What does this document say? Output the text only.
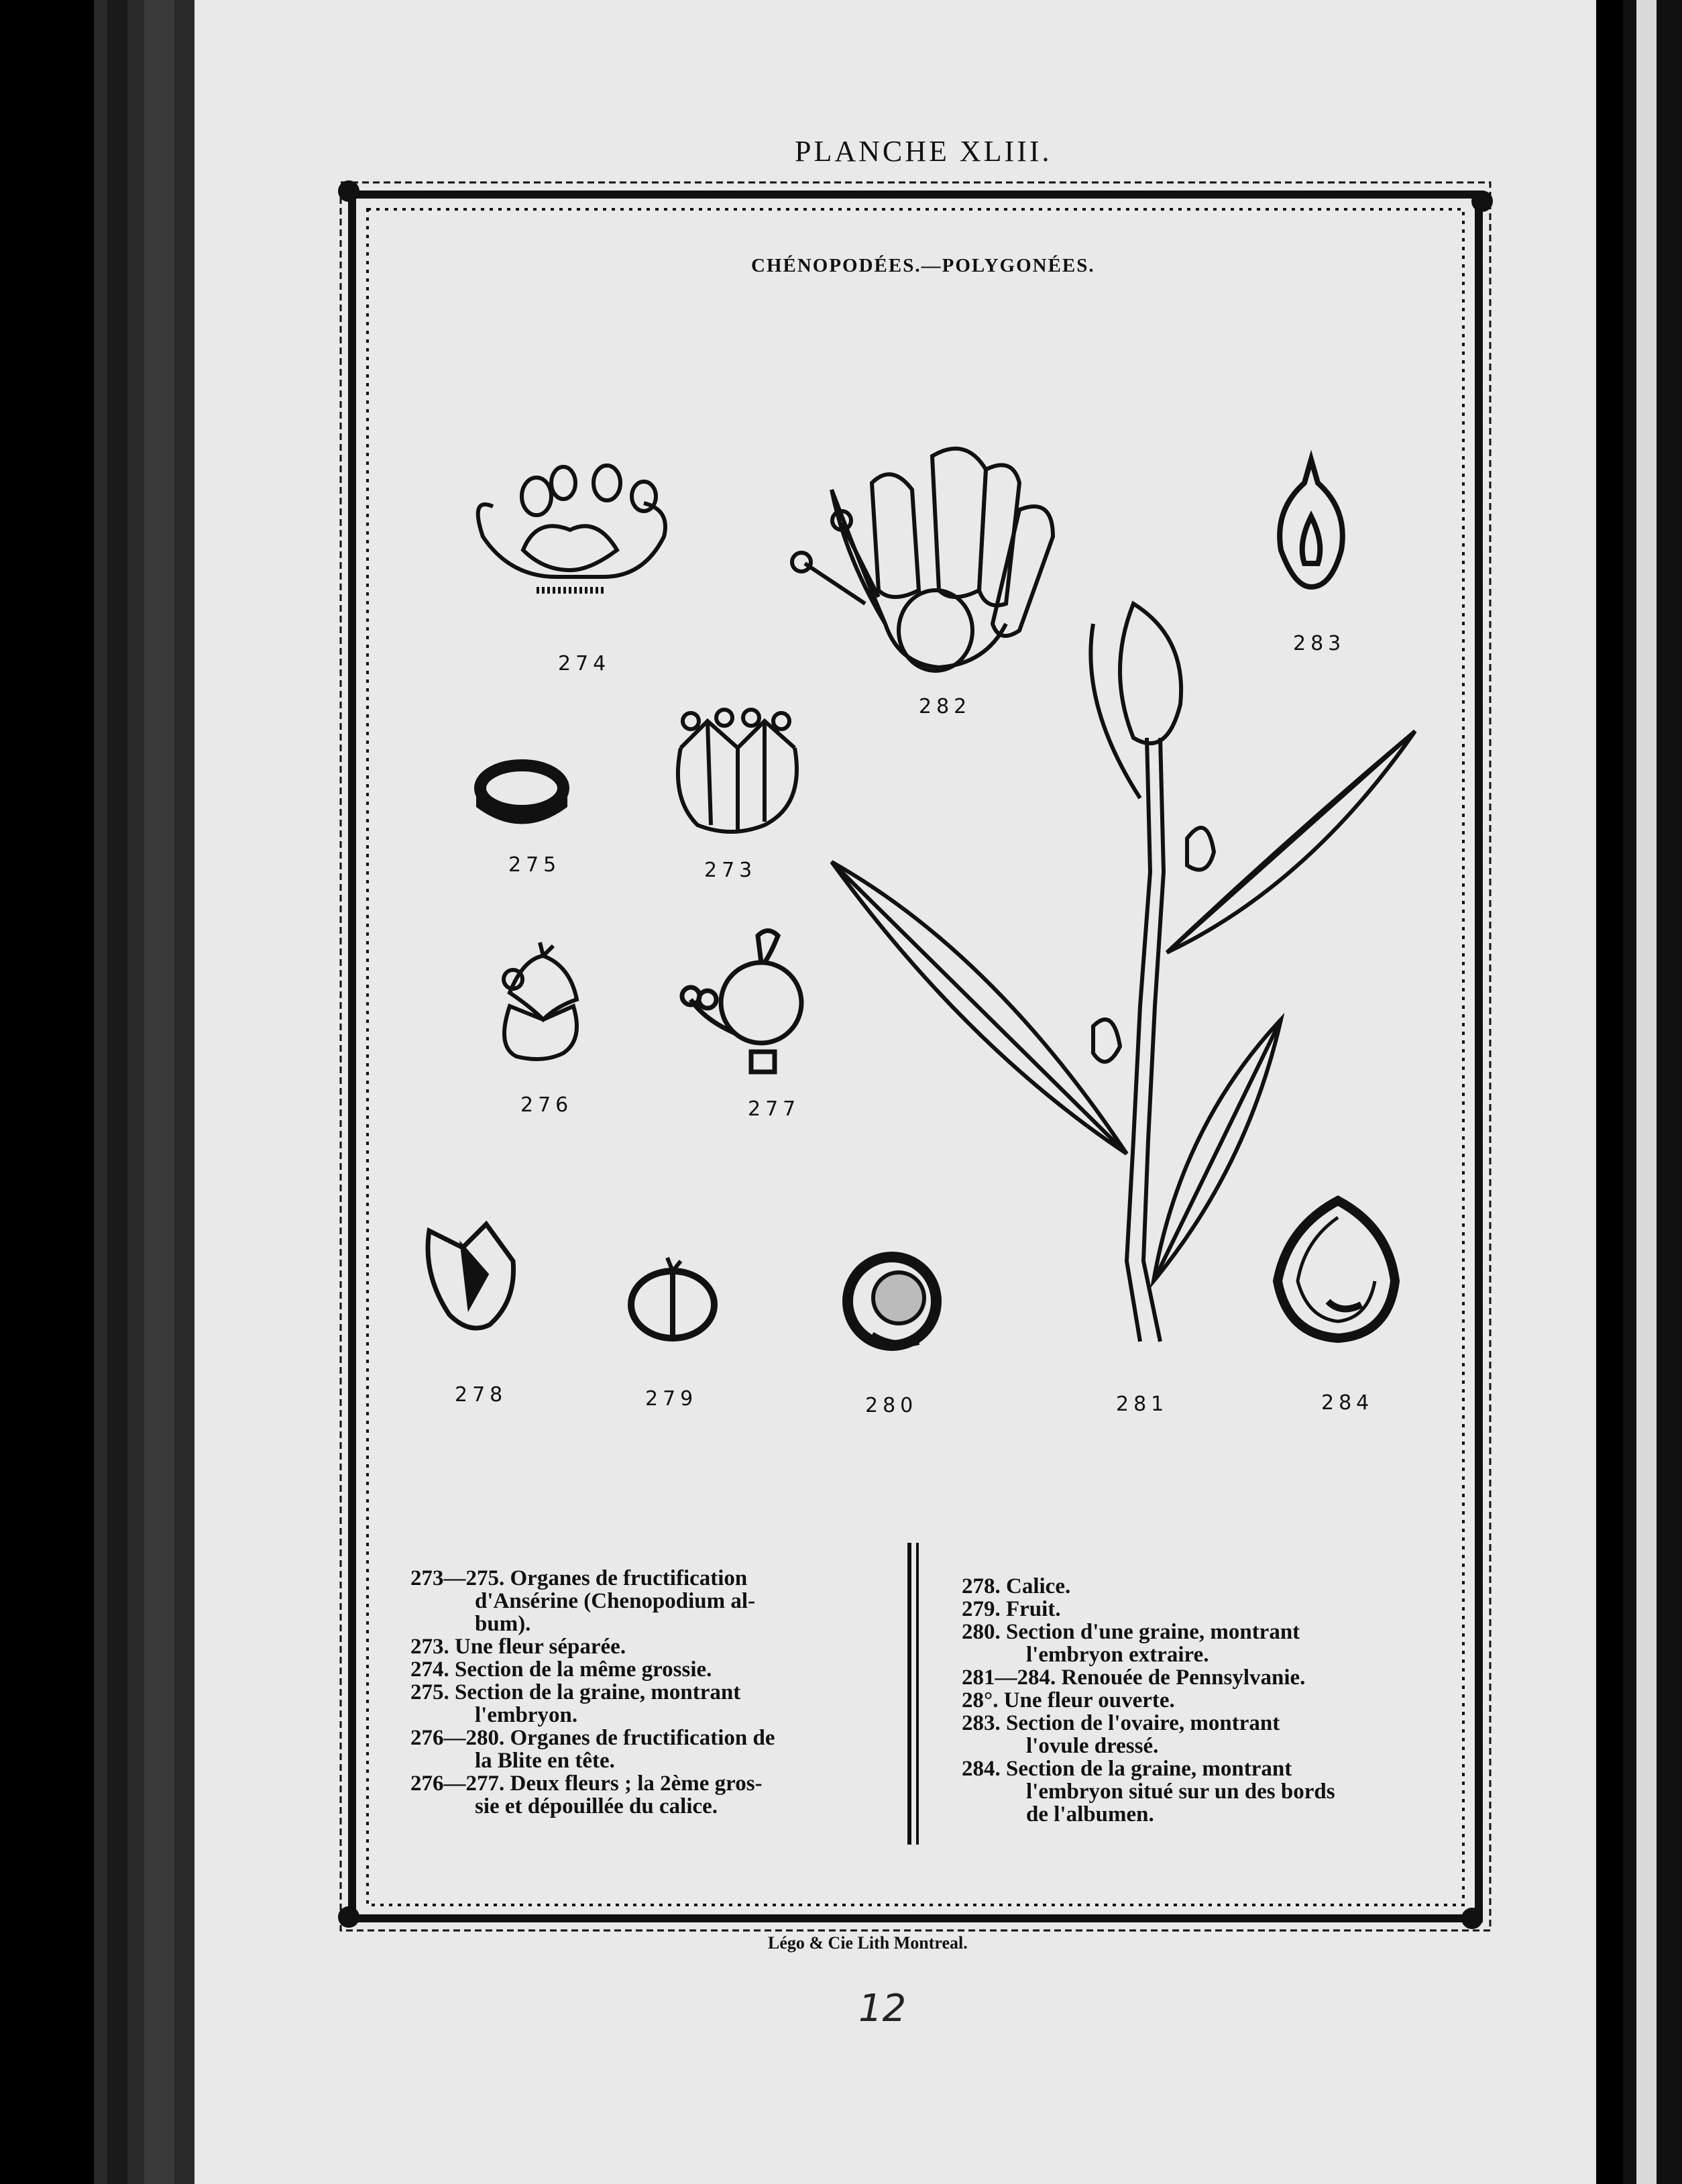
PLANCHE XLIII.
CHÉNOPODÉES.—POLYGONÉES.
274
282
283
275	273
276	277
278	279	280	281	284
273—275. Organes de fructification
d'Ansérine (Chenopodium al-
bum).
273. Une fleur séparée.
274. Section de la même grossie.
275. Section de la graine, montrant
l'embryon.
276—280. Organes de fructification de
la Blite en tête.
276—277. Deux fleurs ; la 2ème gros-
sie et dépouillée du calice.
278. Calice.
279. Fruit.
280. Section d'une graine, montrant
l'embryon extraire.
281—284. Renouée de Pennsylvanie.
28°. Une fleur ouverte.
283. Section de l'ovaire, montrant
l'ovule dressé.
284. Section de la graine, montrant
l'embryon situé sur un des bords
de l'albumen.
Légo & Cie Lith Montreal.
12
